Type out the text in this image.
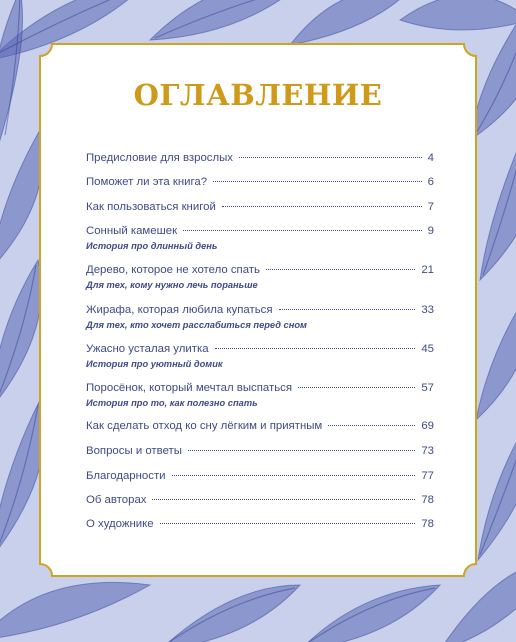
ОГЛАВЛЕНИЕ
Предисловие для взрослых	4
Поможет ли эта книга?	6
Как пользоваться книгой	7
Сонный камешек	9
История про длинный день
Дерево, которое не хотело спать	21
Для тех, кому нужно лечь пораньше
Жирафа, которая любила купаться	33
Для тех, кто хочет расслабиться перед сном
Ужасно усталая улитка	45
История про уютный домик
Поросёнок, который мечтал выспаться	57
История про то, как полезно спать
Как сделать отход ко сну лёгким и приятным	69
Вопросы и ответы	73
Благодарности	77
Об авторах	78
О художнике	78
